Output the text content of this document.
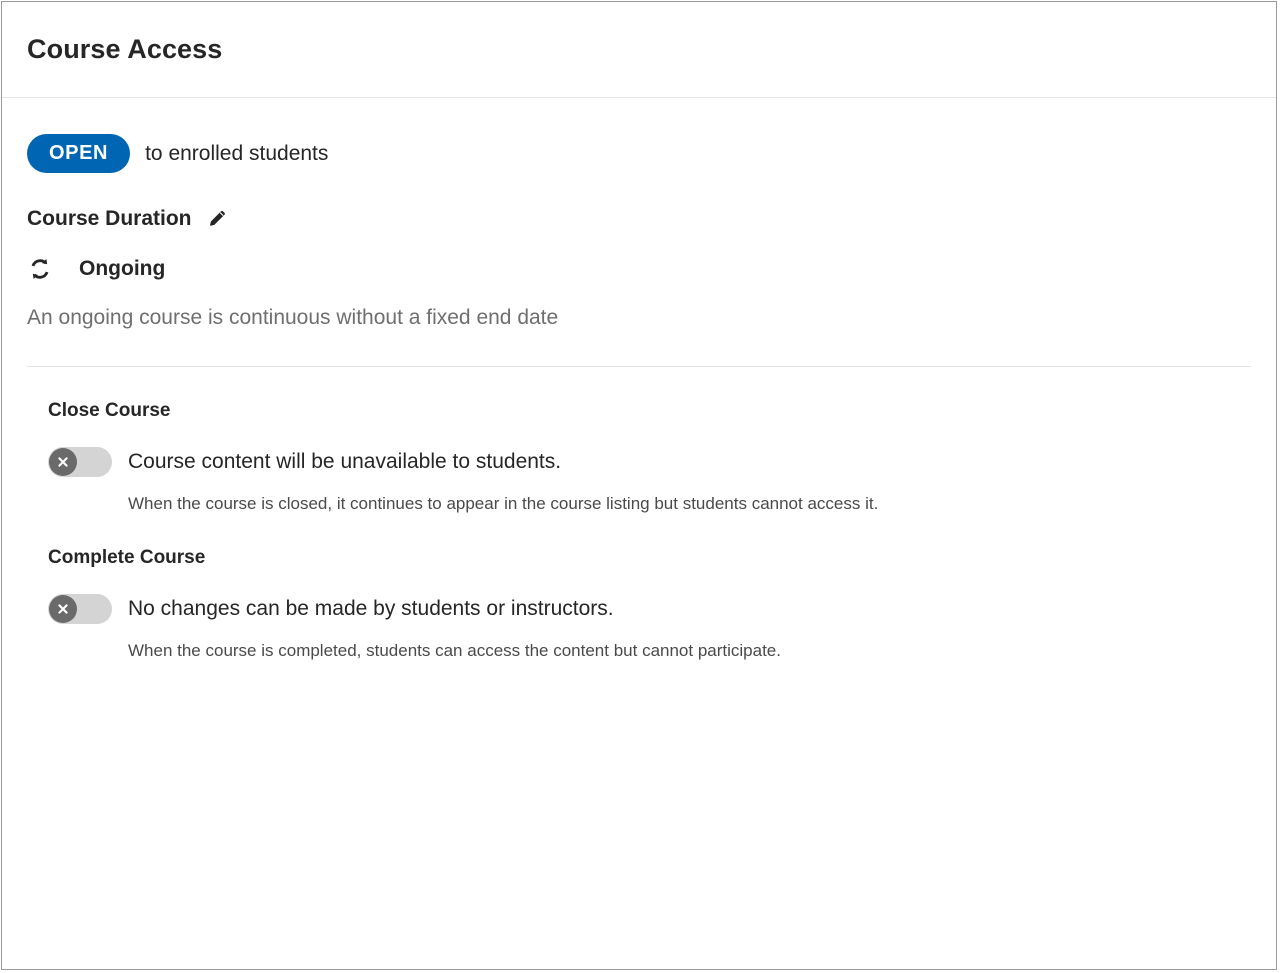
Course Access
OPEN	to enrolled students
Course Duration
Ongoing
An ongoing course is continuous without a fixed end date
Close Course
Course content will be unavailable to students.
When the course is closed, it continues to appear in the course listing but students cannot access it.
Complete Course
No changes can be made by students or instructors.
When the course is completed, students can access the content but cannot participate.
